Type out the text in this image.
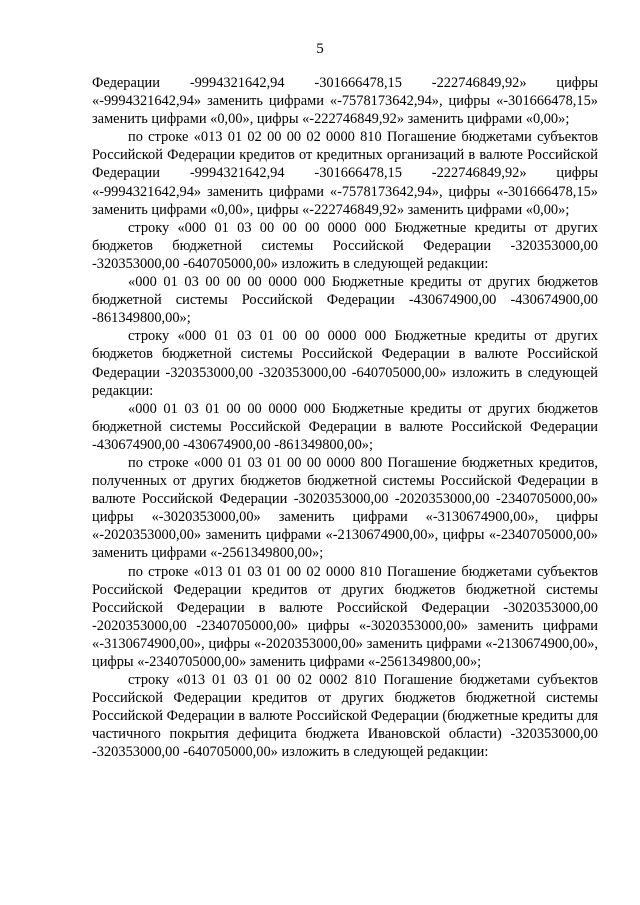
5

Федерации -9994321642,94 -301666478,15 -222746849,92» цифры «-9994321642,94» заменить цифрами «-7578173642,94», цифры «-301666478,15» заменить цифрами «0,00», цифры «-222746849,92» заменить цифрами «0,00»;

по строке «013 01 02 00 00 02 0000 810 Погашение бюджетами субъектов Российской Федерации кредитов от кредитных организаций в валюте Российской Федерации -9994321642,94 -301666478,15 -222746849,92» цифры «-9994321642,94» заменить цифрами «-7578173642,94», цифры «-301666478,15» заменить цифрами «0,00», цифры «-222746849,92» заменить цифрами «0,00»;

строку «000 01 03 00 00 00 0000 000 Бюджетные кредиты от других бюджетов бюджетной системы Российской Федерации -320353000,00 -320353000,00 -640705000,00» изложить в следующей редакции:

«000 01 03 00 00 00 0000 000 Бюджетные кредиты от других бюджетов бюджетной системы Российской Федерации -430674900,00 -430674900,00 -861349800,00»;

строку «000 01 03 01 00 00 0000 000 Бюджетные кредиты от других бюджетов бюджетной системы Российской Федерации в валюте Российской Федерации -320353000,00 -320353000,00 -640705000,00» изложить в следующей редакции:

«000 01 03 01 00 00 0000 000 Бюджетные кредиты от других бюджетов бюджетной системы Российской Федерации в валюте Российской Федерации -430674900,00 -430674900,00 -861349800,00»;

по строке «000 01 03 01 00 00 0000 800 Погашение бюджетных кредитов, полученных от других бюджетов бюджетной системы Российской Федерации в валюте Российской Федерации -3020353000,00 -2020353000,00 -2340705000,00» цифры «-3020353000,00» заменить цифрами «-3130674900,00», цифры «-2020353000,00» заменить цифрами «-2130674900,00», цифры «-2340705000,00» заменить цифрами «-2561349800,00»;

по строке «013 01 03 01 00 02 0000 810 Погашение бюджетами субъектов Российской Федерации кредитов от других бюджетов бюджетной системы Российской Федерации в валюте Российской Федерации -3020353000,00 -2020353000,00 -2340705000,00» цифры «-3020353000,00» заменить цифрами «-3130674900,00», цифры «-2020353000,00» заменить цифрами «-2130674900,00», цифры «-2340705000,00» заменить цифрами «-2561349800,00»;

строку «013 01 03 01 00 02 0002 810 Погашение бюджетами субъектов Российской Федерации кредитов от других бюджетов бюджетной системы Российской Федерации в валюте Российской Федерации (бюджетные кредиты для частичного покрытия дефицита бюджета Ивановской области) -320353000,00 -320353000,00 -640705000,00» изложить в следующей редакции:
